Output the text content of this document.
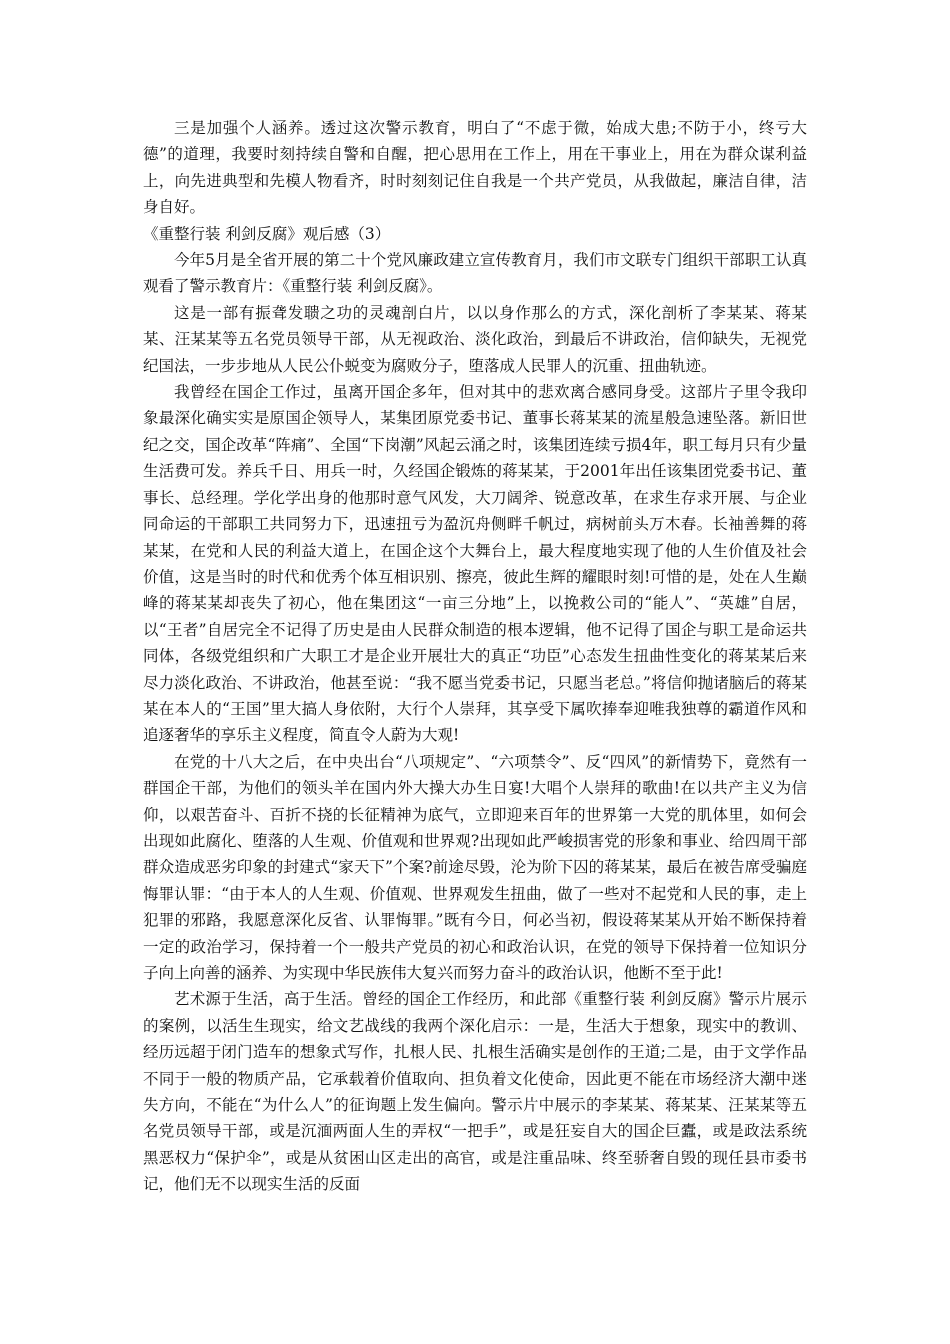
三是加强个人涵养。透过这次警示教育，明白了“不虑于微，始成大患;不防于小，终亏大德”的道理，我要时刻持续自警和自醒，把心思用在工作上，用在干事业上，用在为群众谋利益上，向先进典型和先模人物看齐，时时刻刻记住自我是一个共产党员，从我做起，廉洁自律，洁身自好。

《重整行装 利剑反腐》观后感（3）

今年5月是全省开展的第二十个党风廉政建立宣传教育月，我们市文联专门组织干部职工认真观看了警示教育片：《重整行装 利剑反腐》。

这是一部有振聋发聩之功的灵魂剖白片，以以身作那么的方式，深化剖析了李某某、蒋某某、汪某某等五名党员领导干部，从无视政治、淡化政治，到最后不讲政治，信仰缺失，无视党纪国法，一步步地从人民公仆蜕变为腐败分子，堕落成人民罪人的沉重、扭曲轨迹。

我曾经在国企工作过，虽离开国企多年，但对其中的悲欢离合感同身受。这部片子里令我印象最深化确实实是原国企领导人，某集团原党委书记、董事长蒋某某的流星般急速坠落。新旧世纪之交，国企改革“阵痛”、全国“下岗潮”风起云涌之时，该集团连续亏损4年，职工每月只有少量生活费可发。养兵千日、用兵一时，久经国企锻炼的蒋某某，于2001年出任该集团党委书记、董事长、总经理。学化学出身的他那时意气风发，大刀阔斧、锐意改革，在求生存求开展、与企业同命运的干部职工共同努力下，迅速扭亏为盈沉舟侧畔千帆过，病树前头万木春。长袖善舞的蒋某某，在党和人民的利益大道上，在国企这个大舞台上，最大程度地实现了他的人生价值及社会价值，这是当时的时代和优秀个体互相识别、擦亮，彼此生辉的耀眼时刻!可惜的是，处在人生巅峰的蒋某某却丧失了初心，他在集团这“一亩三分地”上，以挽救公司的“能人”、“英雄”自居，以“王者”自居完全不记得了历史是由人民群众制造的根本逻辑，他不记得了国企与职工是命运共同体，各级党组织和广大职工才是企业开展壮大的真正“功臣”心态发生扭曲性变化的蒋某某后来尽力淡化政治、不讲政治，他甚至说：“我不愿当党委书记，只愿当老总。”将信仰抛诸脑后的蒋某某在本人的“王国”里大搞人身依附，大行个人崇拜，其享受下属吹捧奉迎唯我独尊的霸道作风和追逐奢华的享乐主义程度，简直令人蔚为大观!

在党的十八大之后，在中央出台“八项规定”、“六项禁令”、反“四风”的新情势下，竟然有一群国企干部，为他们的领头羊在国内外大操大办生日宴!大唱个人崇拜的歌曲!在以共产主义为信仰，以艰苦奋斗、百折不挠的长征精神为底气，立即迎来百年的世界第一大党的肌体里，如何会出现如此腐化、堕落的人生观、价值观和世界观?出现如此严峻损害党的形象和事业、给四周干部群众造成恶劣印象的封建式“家天下”个案?前途尽毁，沦为阶下囚的蒋某某，最后在被告席受骗庭悔罪认罪：“由于本人的人生观、价值观、世界观发生扭曲，做了一些对不起党和人民的事，走上犯罪的邪路，我愿意深化反省、认罪悔罪。”既有今日，何必当初，假设蒋某某从开始不断保持着一定的政治学习，保持着一个一般共产党员的初心和政治认识，在党的领导下保持着一位知识分子向上向善的涵养、为实现中华民族伟大复兴而努力奋斗的政治认识，他断不至于此!

艺术源于生活，高于生活。曾经的国企工作经历，和此部《重整行装 利剑反腐》警示片展示的案例，以活生生现实，给文艺战线的我两个深化启示：一是，生活大于想象，现实中的教训、经历远超于闭门造车的想象式写作，扎根人民、扎根生活确实是创作的王道;二是，由于文学作品不同于一般的物质产品，它承载着价值取向、担负着文化使命，因此更不能在市场经济大潮中迷失方向，不能在“为什么人”的征询题上发生偏向。警示片中展示的李某某、蒋某某、汪某某等五名党员领导干部，或是沉湎两面人生的弄权“一把手”，或是狂妄自大的国企巨蠹，或是政法系统黑恶权力“保护伞”，或是从贫困山区走出的高官，或是注重品味、终至骄奢自毁的现任县市委书记，他们无不以现实生活的反面
